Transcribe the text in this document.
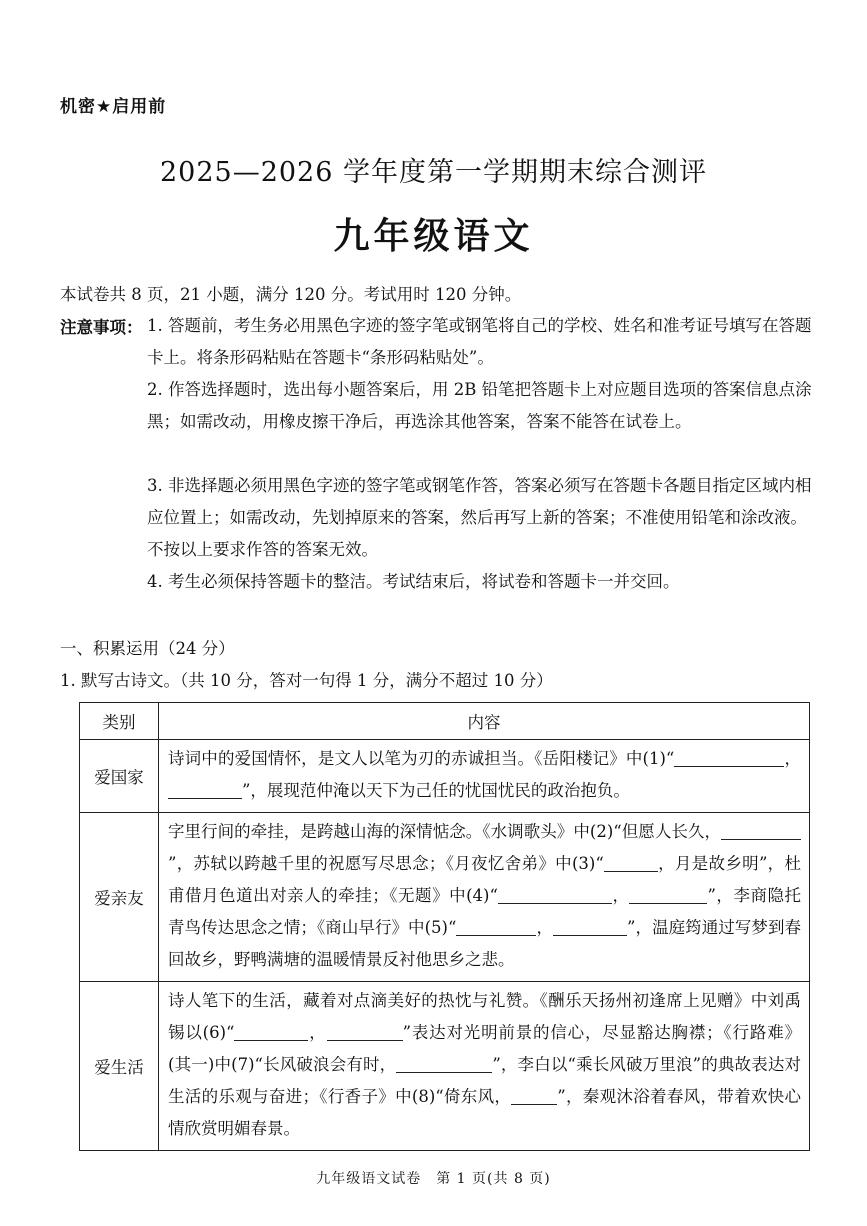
机密★启用前
2025—2026 学年度第一学期期末综合测评
九年级语文
本试卷共 8 页，21 小题，满分 120 分。考试用时 120 分钟。
注意事项： 1. 答题前，考生务必用黑色字迹的签字笔或钢笔将自己的学校、姓名和准考证号填写在答题卡上。将条形码粘贴在答题卡“条形码粘贴处”。
2. 作答选择题时，选出每小题答案后，用 2B 铅笔把答题卡上对应题目选项的答案信息点涂黑；如需改动，用橡皮擦干净后，再选涂其他答案，答案不能答在试卷上。
3. 非选择题必须用黑色字迹的签字笔或钢笔作答，答案必须写在答题卡各题目指定区域内相应位置上；如需改动，先划掉原来的答案，然后再写上新的答案；不准使用铅笔和涂改液。不按以上要求作答的答案无效。
4. 考生必须保持答题卡的整洁。考试结束后，将试卷和答题卡一并交回。
一、积累运用（24 分）
1. 默写古诗文。（共 10 分，答对一句得 1 分，满分不超过 10 分）
类别	内容
爱国家	诗词中的爱国情怀，是文人以笔为刃的赤诚担当。《岳阳楼记》中(1)“ ，”，展现范仲淹以天下为己任的忧国忧民的政治抱负。
爱亲友	字里行间的牵挂，是跨越山海的深情惦念。《水调歌头》中(2)“但愿人长久，”，苏轼以跨越千里的祝愿写尽思念；《月夜忆舍弟》中(3)“ ，月是故乡明”，杜甫借月色道出对亲人的牵挂；《无题》中(4)“ ， ”，李商隐托青鸟传达思念之情；《商山早行》中(5)“ ， ”，温庭筠通过写梦到春回故乡，野鸭满塘的温暖情景反衬他思乡之悲。
爱生活	诗人笔下的生活，藏着对点滴美好的热忱与礼赞。《酬乐天扬州初逢席上见赠》中刘禹锡以(6)“ ， ”表达对光明前景的信心，尽显豁达胸襟；《行路难》(其一)中(7)“长风破浪会有时， ”，李白以“乘长风破万里浪”的典故表达对生活的乐观与奋进；《行香子》中(8)“倚东风， ”，秦观沐浴着春风，带着欢快心情欣赏明媚春景。
九年级语文试卷　第 1 页(共 8 页)
